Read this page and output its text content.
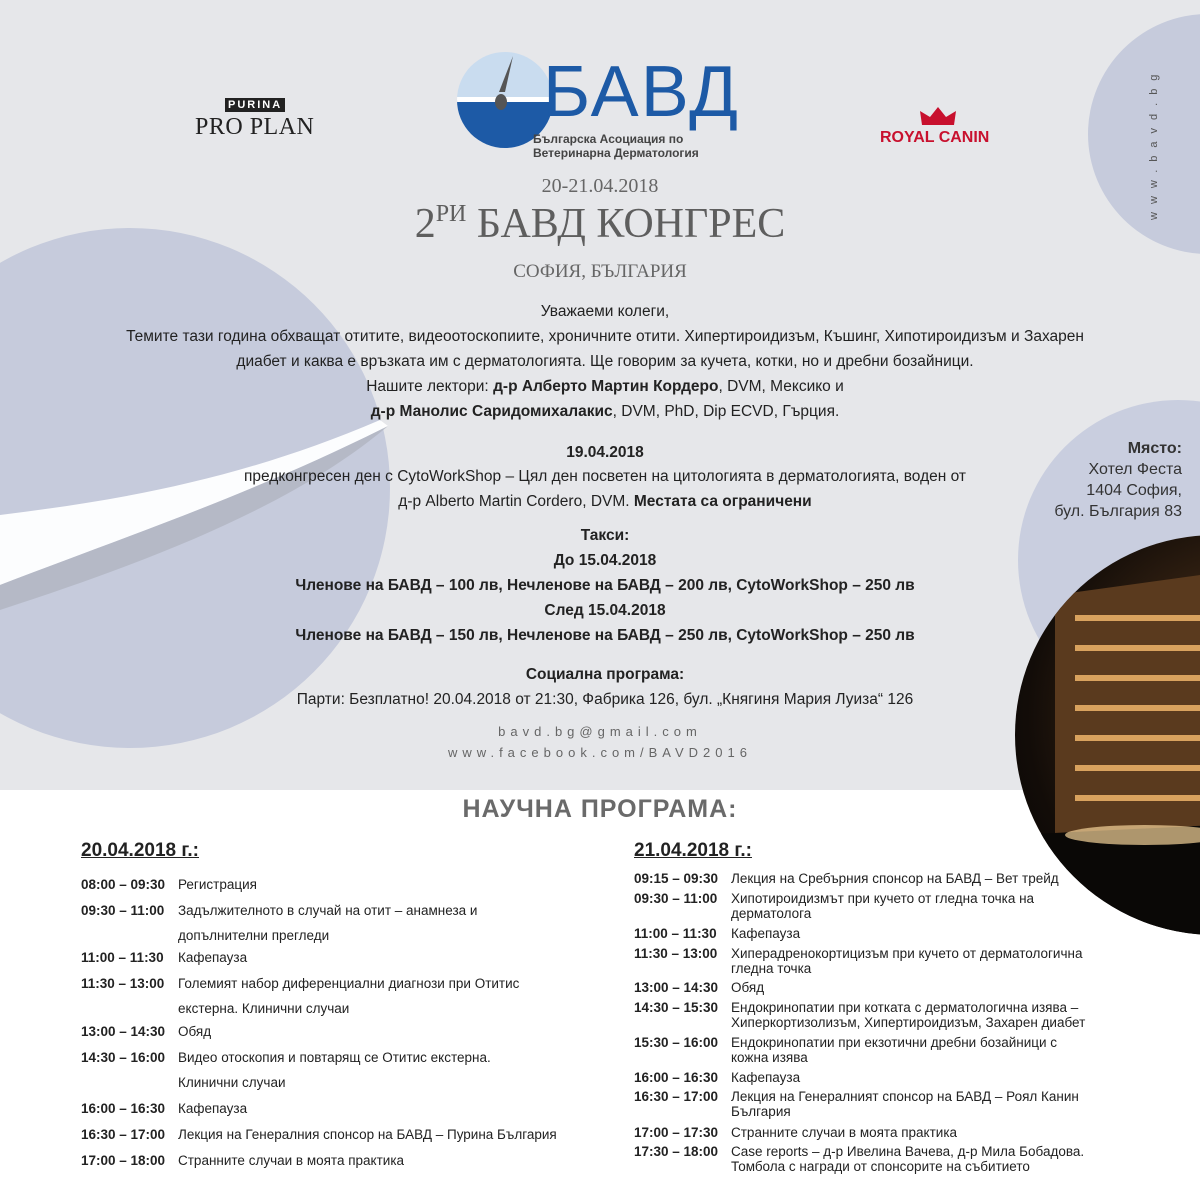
PURINA
PRO PLAN	БАВД
Българска Асоциация по
Ветеринарна Дерматология
ROYAL CANIN	www.bavd.bg
20-21.04.2018
$2^{РИ}$ БАВД КОНГРЕС
СОФИЯ, БЪЛГАРИЯ
Уважаеми колеги,
Темите тази година обхващат отитите, видеоотоскопиите, хроничните отити. Хипертироидизъм, Къшинг, Хипотироидизъм и Захарен
диабет и каква е връзката им с дерматологията. Ще говорим за кучета, котки, но и дребни бозайници.
Нашите лектори: д-р Алберто Мартин Кордеро, DVM, Мексико и
д-р Манолис Саридомихалакис, DVM, PhD, Dip ECVD, Гърция.
19.04.2018
предконгресен ден с CytoWorkShop – Цял ден посветен на цитологията в дерматологията, воден от
д-р Alberto Martin Cordero, DVM. Местата са ограничени
Такси:
До 15.04.2018
Членове на БАВД – 100 лв, Нечленове на БАВД – 200 лв, CytoWorkShop – 250 лв
След 15.04.2018
Членове на БАВД – 150 лв, Нечленове на БАВД – 250 лв, CytoWorkShop – 250 лв
Социална програма:
Парти: Безплатно! 20.04.2018 от 21:30, Фабрика 126, бул. „Княгиня Мария Луиза“ 126
bavd.bg@gmail.com
www.facebook.com/BAVD2016
Място:
Хотел Феста
1404 София,
бул. България 83
НАУЧНА ПРОГРАМА:
20.04.2018 г.:	21.04.2018 г.:
08:00 – 09:30 Регистрация
09:30 – 11:00	Задължителното в случай на отит – анамнеза и
допълнителни прегледи
11:00 – 11:30	Кафепауза
11:30 – 13:00	Големият набор диференциални диагнози при Отитис
екстерна. Клинични случаи
13:00 – 14:30 Обяд
14:30 – 16:00 Видео отоскопия и повтарящ се Отитис екстерна.
Клинични случаи
16:00 – 16:30 Кафепауза
16:30 – 17:00 Лекция на Генералния спонсор на БАВД – Пурина България
17:00 – 18:00 Странните случаи в моята практика
09:15 – 09:30 Лекция на Сребърния спонсор на БАВД – Вет трейд
09:30 – 11:00	Хипотироидизмът при кучето от гледна точка на
дерматолога
11:00 – 11:30	Кафепауза
11:30 – 13:00	Хиперадренокортицизъм при кучето от дерматологична
гледна точка
13:00 – 14:30 Обяд
14:30 – 15:30 Ендокринопатии при котката с дерматологична изява –
Хиперкортизолизъм, Хипертироидизъм, Захарен диабет
15:30 – 16:00 Ендокринопатии при екзотични дребни бозайници с
кожна изява
16:00 – 16:30 Кафепауза
16:30 – 17:00 Лекция на Генералният спонсор на БАВД – Роял Канин
България
17:00 – 17:30 Странните случаи в моята практика
17:30 – 18:00 Case reports – д-р Ивелина Вачева, д-р Мила Бобадова.
Томбола с награди от спонсорите на събитието
